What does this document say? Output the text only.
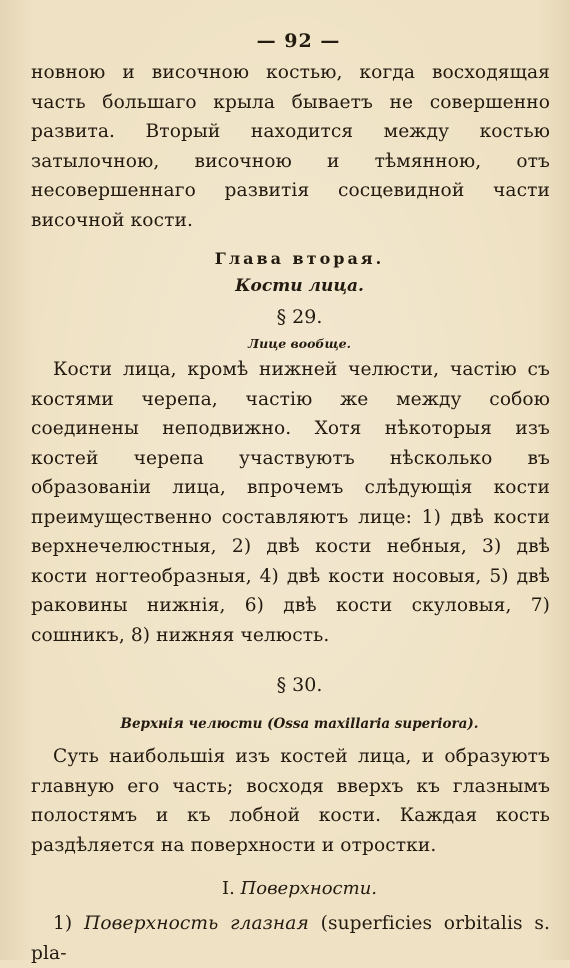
— 92 —

новною и височною костью, когда восходящая часть большаго крыла бываетъ не совершенно развита. Вторый находится между костью затылочною, височною и тѣмянною, отъ несовершеннаго развитія сосцевидной части височной кости.

Глава вторая.
Кости лица.
§ 29.
Лице вообще.

Кости лица, кромѣ нижней челюсти, частію съ костями черепа, частію же между собою соединены неподвижно. Хотя нѣкоторыя изъ костей черепа участвуютъ нѣсколько въ образованіи лица, впрочемъ слѣдующія кости преимущественно составляютъ лице: 1) двѣ кости верхнечелюстныя, 2) двѣ кости небныя, 3) двѣ кости ногтеобразныя, 4) двѣ кости носовыя, 5) двѣ раковины нижнія, 6) двѣ кости скуловыя, 7) сошникъ, 8) нижняя челюсть.

§ 30.
Верхнія челюсти (Ossa maxillaria superiora).

Суть наибольшія изъ костей лица, и образуютъ главную его часть; восходя вверхъ къ глазнымъ полостямъ и къ лобной кости. Каждая кость раздѣляется на поверхности и отростки.

I. Поверхности.

1) Поверхность глазная (superficies orbitalis s. pla-
